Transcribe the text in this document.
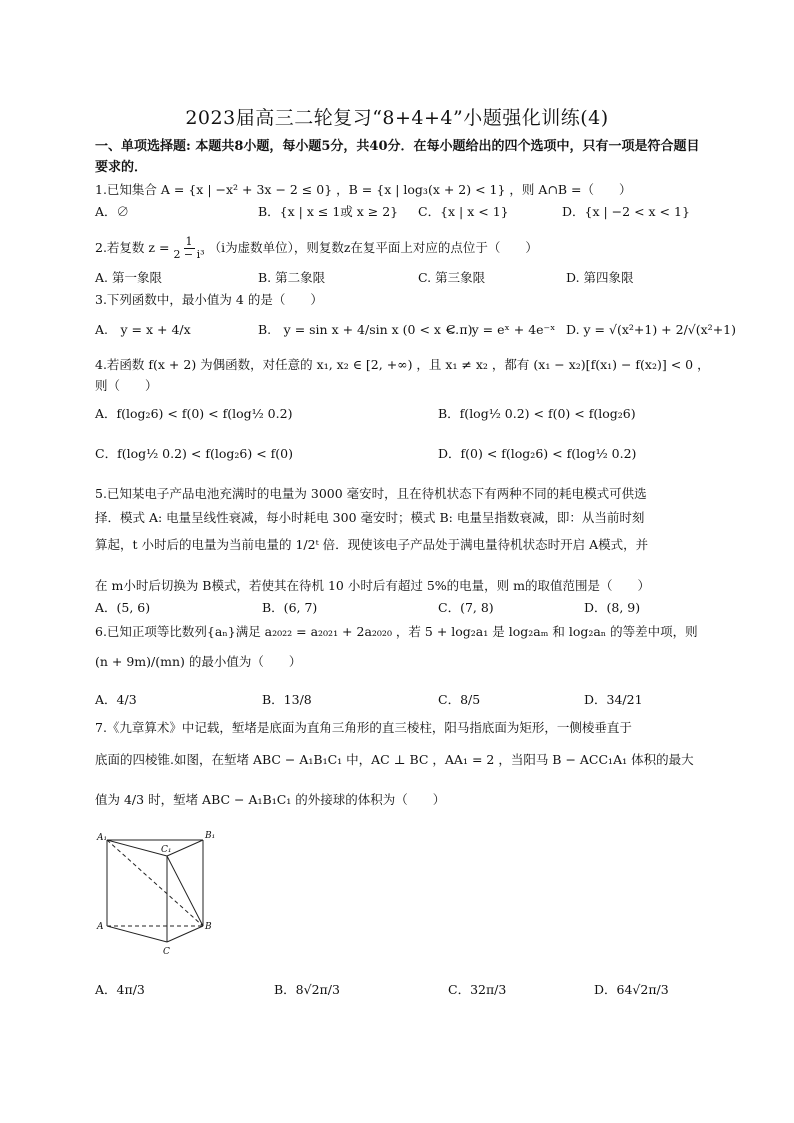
2023届高三二轮复习“8+4+4”小题强化训练(4)
一、单项选择题: 本题共8小题，每小题5分，共40分．在每小题给出的四个选项中，只有一项是符合题目要求的．
1.已知集合 A = {x | −x² + 3x − 2 ≤ 0} ，B = {x | log₃(x + 2) < 1} ，则 A∩B =（　　）
A．∅	B．{x | x ≤ 1或 x ≥ 2} C．{x | x < 1}	D．{x | −2 < x < 1}
2.若复数 $z = \frac{1}{\text{2 − i³}} (i$为虚数单位），则复数z在复平面上对应的点位于（　　）
A. 第一象限	B. 第二象限	C. 第三象限	D. 第四象限
3.下列函数中，最小值为 4 的是（　　）
A.　y = x + 4/x	B.　y = sin x + 4/sin x (0 < x < π)
C.　y = eˣ + 4e⁻ˣ D. y = √(x²+1) + 2/√(x²+1)
4.若函数 f(x + 2) 为偶函数，对任意的 x₁, x₂ ∈ [2, +∞) ，且 x₁ ≠ x₂ ，都有 (x₁ − x₂)[f(x₁) − f(x₂)] < 0 ，
则（　　）
A．f(log₂6) < f(0) < f(log½ 0.2)	B．f(log½ 0.2) < f(0) < f(log₂6)
C．f(log½ 0.2) < f(log₂6) < f(0)	D．f(0) < f(log₂6) < f(log½ 0.2)
5.已知某电子产品电池充满时的电量为 3000 毫安时，且在待机状态下有两种不同的耗电模式可供选
择．模式 A: 电量呈线性衰减，每小时耗电 300 毫安时；模式 B: 电量呈指数衰减，即：从当前时刻
算起，t 小时后的电量为当前电量的 1/2ᵗ 倍．现使该电子产品处于满电量待机状态时开启 A模式，并
在 m小时后切换为 B模式，若使其在待机 10 小时后有超过 5%的电量，则 m的取值范围是（　　）
A．(5, 6)	B．(6, 7)	C．(7, 8)	D．(8, 9)
6.已知正项等比数列{aₙ}满足 a₂₀₂₂ = a₂₀₂₁ + 2a₂₀₂₀ ，若 5 + log₂a₁ 是 log₂aₘ 和 log₂aₙ 的等差中项，则
(n + 9m)/(mn) 的最小值为（　　）
A．4/3	B．13/8	C．8/5	D．34/21
7.《九章算术》中记载，堑堵是底面为直角三角形的直三棱柱，阳马指底面为矩形，一侧棱垂直于
底面的四棱锥.如图，在堑堵 ABC − A₁B₁C₁ 中，AC ⊥ BC ，AA₁ = 2 ，当阳马 B − ACC₁A₁ 体积的最大
值为 4/3 时，堑堵 ABC − A₁B₁C₁ 的外接球的体积为（　　）
A₁	B₁
C₁
A	B
C
A．4π/3	B．8√2π/3	C．32π/3	D．64√2π/3
